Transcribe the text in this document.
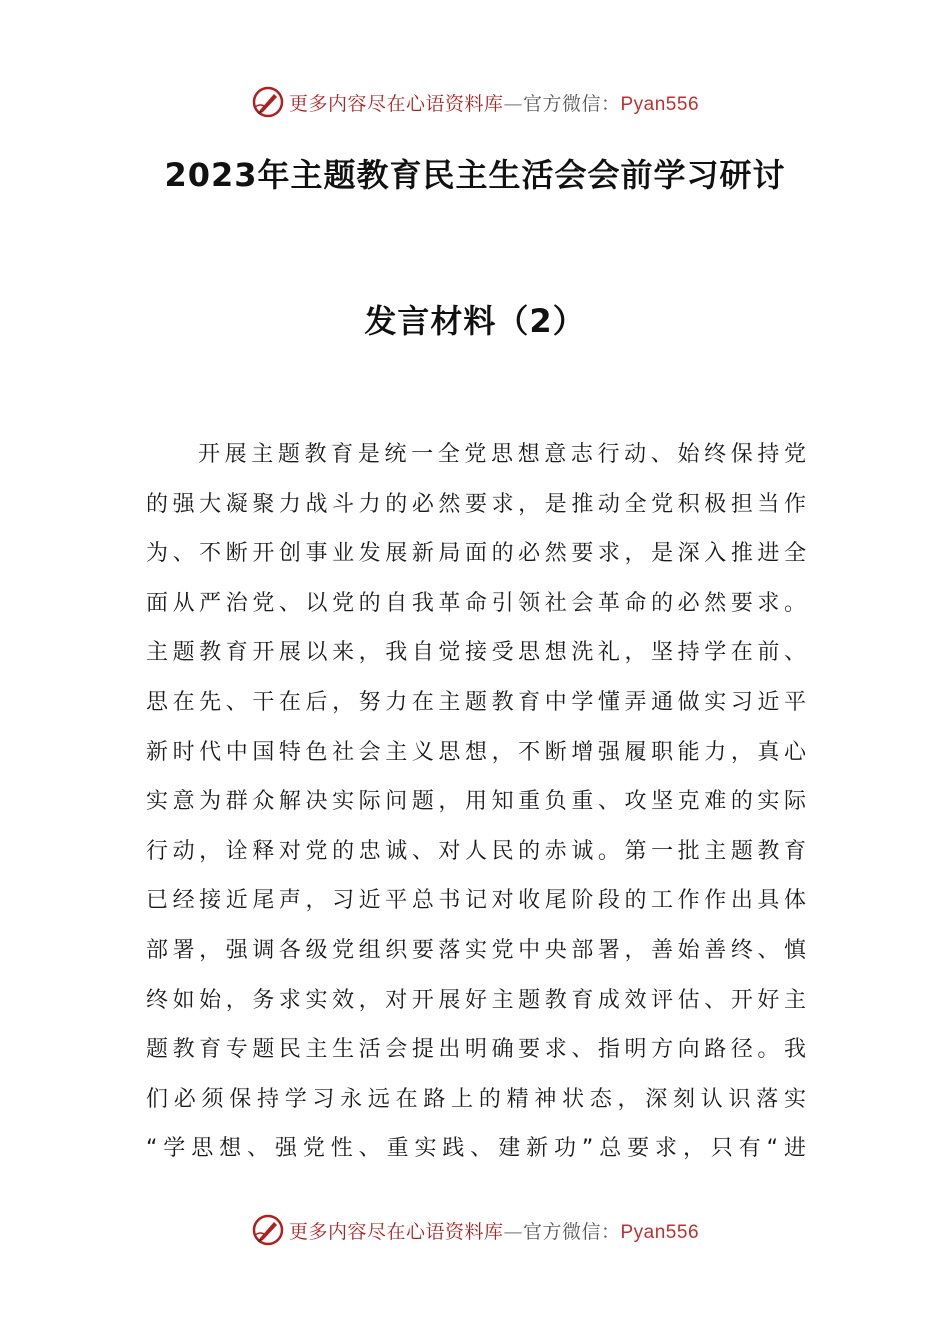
更多内容尽在心语资料库—官方微信：Pyan556
2023年主题教育民主生活会会前学习研讨
发言材料（2）
开展主题教育是统一全党思想意志行动、始终保持党
的强大凝聚力战斗力的必然要求，是推动全党积极担当作
为、不断开创事业发展新局面的必然要求，是深入推进全
面从严治党、以党的自我革命引领社会革命的必然要求。
主题教育开展以来，我自觉接受思想洗礼，坚持学在前、
思在先、干在后，努力在主题教育中学懂弄通做实习近平
新时代中国特色社会主义思想，不断增强履职能力，真心
实意为群众解决实际问题，用知重负重、攻坚克难的实际
行动，诠释对党的忠诚、对人民的赤诚。第一批主题教育
已经接近尾声，习近平总书记对收尾阶段的工作作出具体
部署，强调各级党组织要落实党中央部署，善始善终、慎
终如始，务求实效，对开展好主题教育成效评估、开好主
题教育专题民主生活会提出明确要求、指明方向路径。我
们必须保持学习永远在路上的精神状态，深刻认识落实
“学思想、强党性、重实践、建新功”总要求，只有“进
更多内容尽在心语资料库—官方微信：Pyan556
